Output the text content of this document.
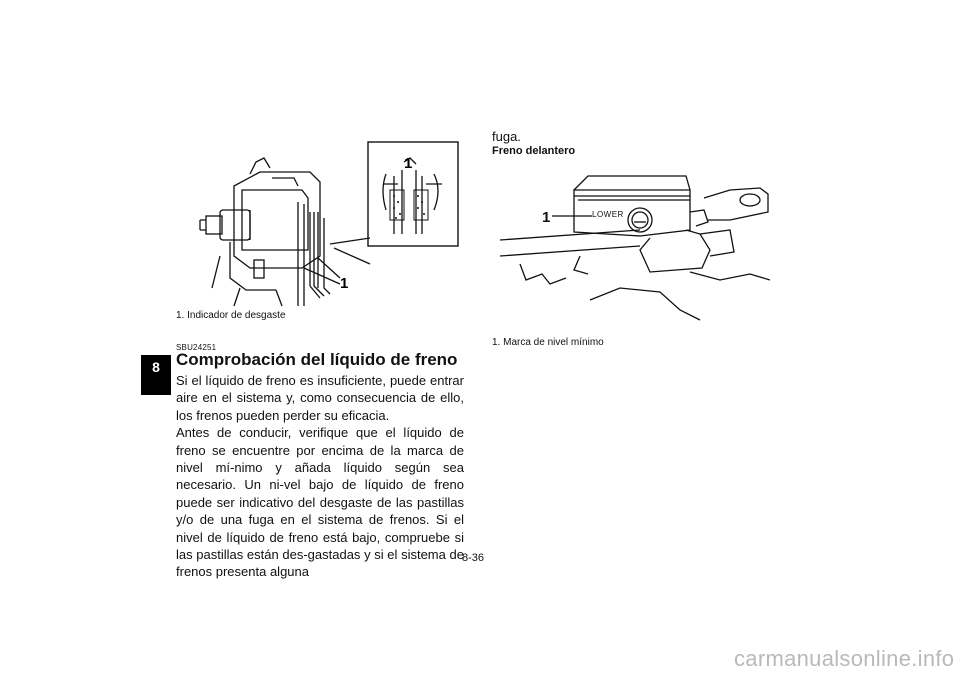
8
1
1
1. Indicador de desgaste
SBU24251
Comprobación del líquido de freno

Si el líquido de freno es insuficiente, puede entrar aire en el sistema y, como consecuencia de ello, los frenos pueden perder su eficacia.

Antes de conducir, verifique que el líquido de freno se encuentre por encima de la marca de nivel mí-nimo y añada líquido según sea necesario. Un ni-vel bajo de líquido de freno puede ser indicativo del desgaste de las pastillas y/o de una fuga en el sistema de frenos. Si el nivel de líquido de freno está bajo, compruebe si las pastillas están des-gastadas y si el sistema de frenos presenta alguna

fuga.
Freno delantero
LOWER
1
1. Marca de nivel mínimo
8-36
carmanualsonline.info
